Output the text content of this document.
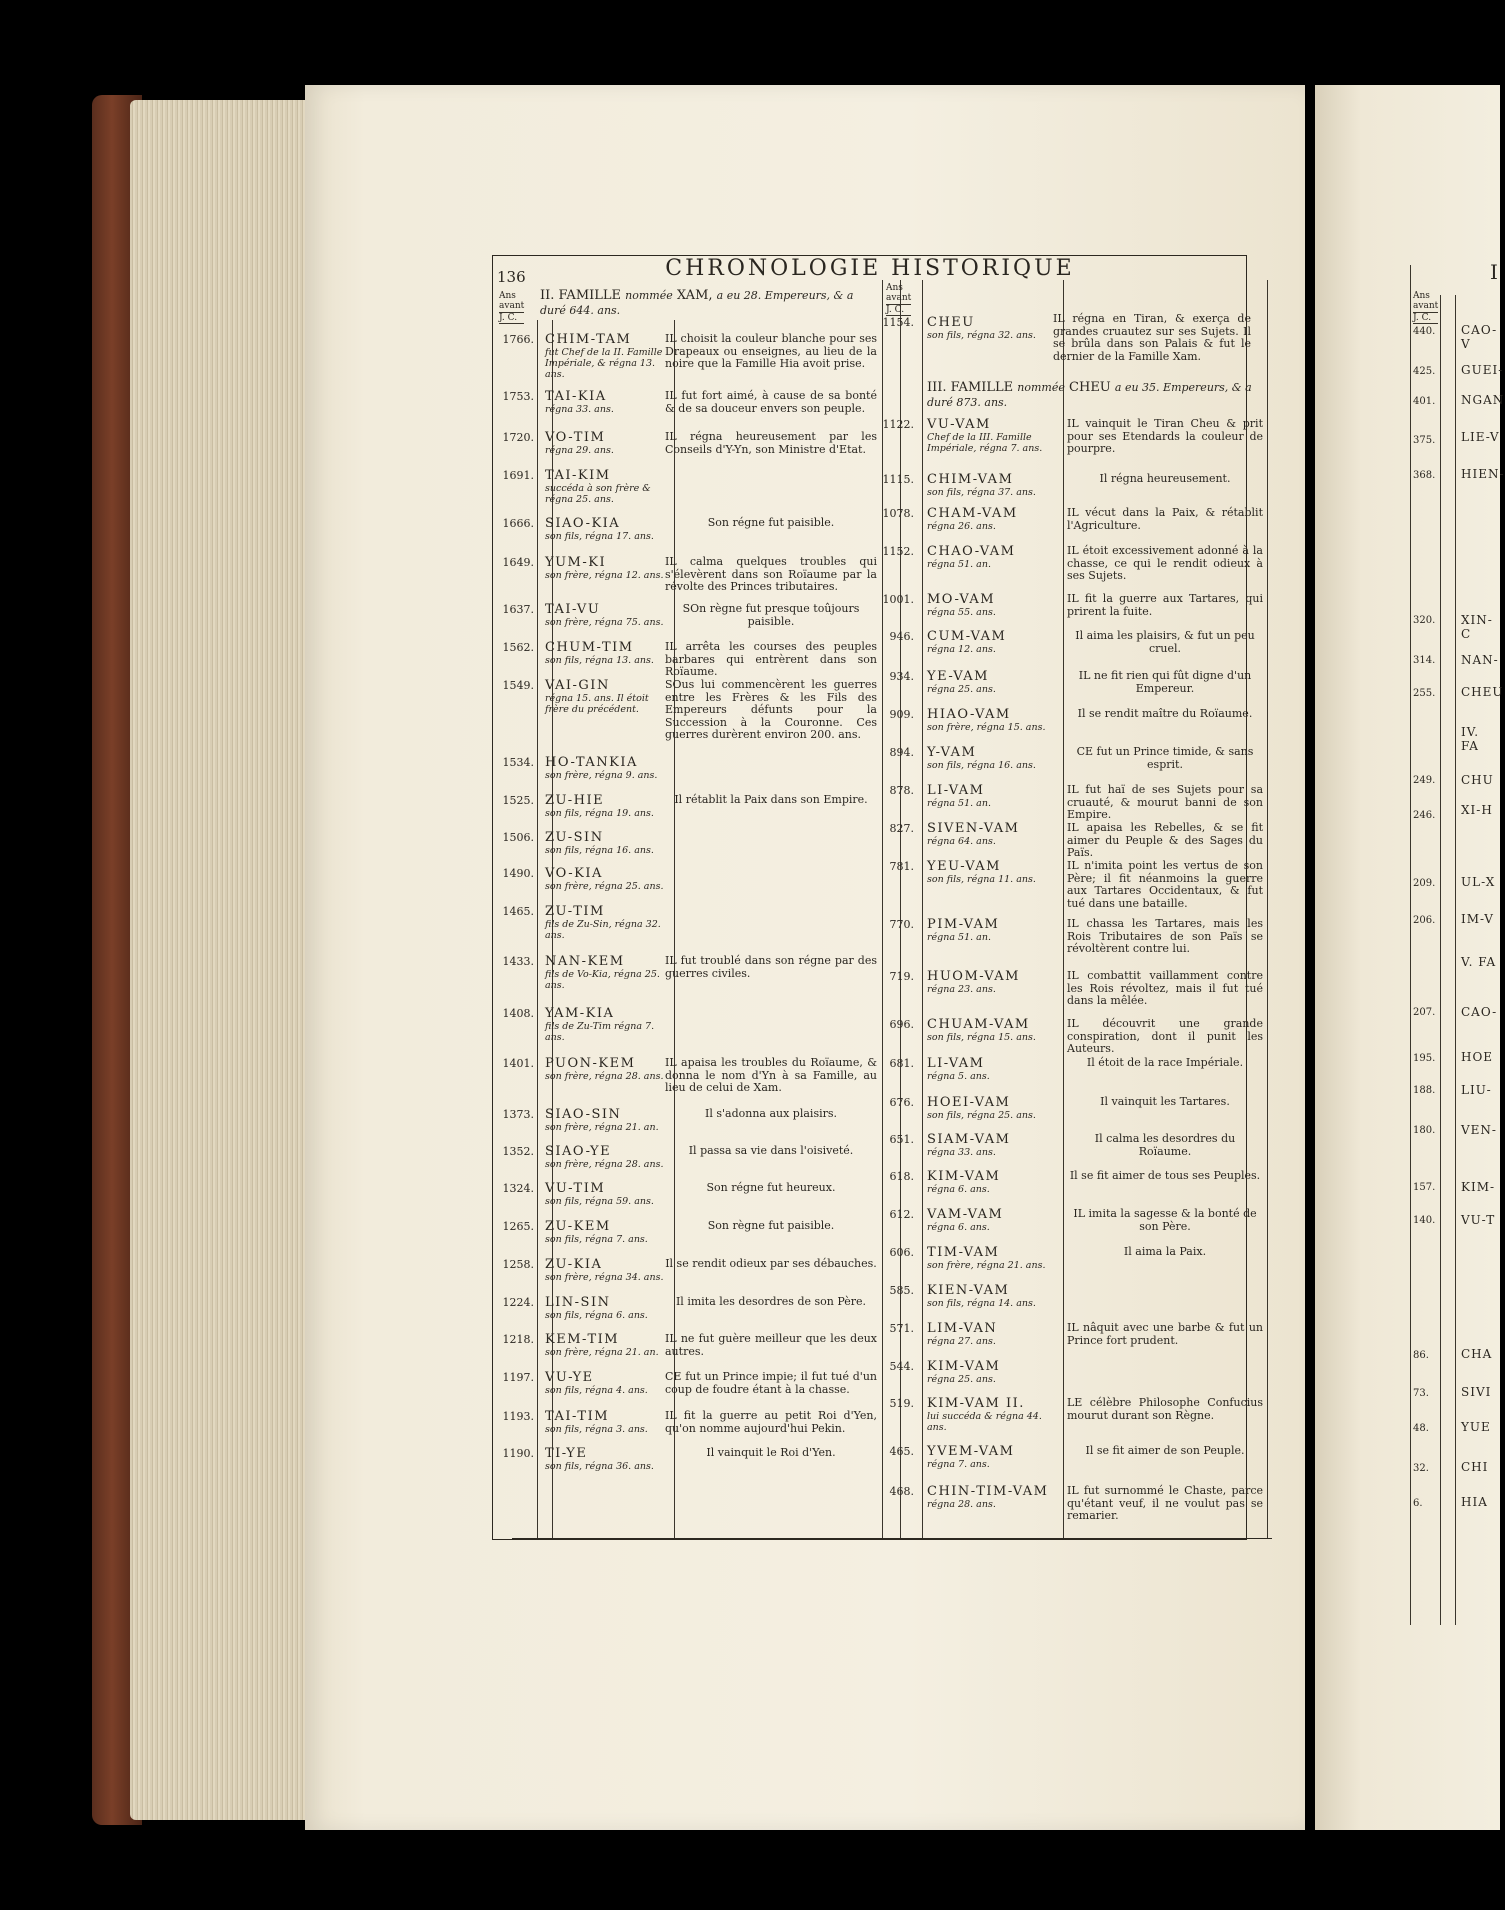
I
Ans
avant
J. C.
440.
425.
401.
375.
368.
320.
314.
255.
249.
246.
209.
206.
207.
195.
188.
180.
157.
140.
86.
73.
48.
32.
6.
CAO-V
GUEI-
NGAN
LIE-V
HIEN-
XIN-C
NAN-
CHEU
IV. FA
CHU
XI-H
UL-X
IM-V
V. FA
CAO-
HOE
LIU-
VEN-
KIM-
VU-T
CHA
SIVI
YUE
CHI
HIA
136	CHRONOLOGIE HISTORIQUE
Ans
avant
J. C.
Ans
avant
J. C.
II. FAMILLE nommée XAM, a eu 28. Empereurs, & a duré 644. ans.
1766. CHIM-TAM
fut Chef de la II. Famille Impériale, & régna 13. ans.
IL choisit la couleur blanche pour ses Drapeaux ou enseignes, au lieu de la noire que la Famille Hia avoit prise.
1753. TAI-KIA
régna 33. ans.
IL fut fort aimé, à cause de sa bonté & de sa douceur envers son peuple.
1720. VO-TIM
régna 29. ans.
IL régna heureusement par les Conseils d'Y-Yn, son Ministre d'Etat.
1691. TAI-KIM
succéda à son frère & régna 25. ans.
1666. SIAO-KIA
son fils, régna 17. ans.
Son régne fut paisible.
1649. YUM-KI
son frère, régna 12. ans.
IL calma quelques troubles qui s'élevèrent dans son Roïaume par la révolte des Princes tributaires.
1637. TAI-VU
son frère, régna 75. ans.
SOn règne fut presque toûjours paisible.
1562. CHUM-TIM
son fils, régna 13. ans.
IL arrêta les courses des peuples barbares qui entrèrent dans son Roïaume.
1549. VAI-GIN
régna 15. ans. Il étoit frère du précédent.
SOus lui commencèrent les guerres entre les Frères & les Fils des Empereurs défunts pour la Succession à la Couronne. Ces guerres durèrent environ 200. ans.
1534. HO-TANKIA
son frère, régna 9. ans.
1525. ZU-HIE
son fils, régna 19. ans.
Il rétablit la Paix dans son Empire.
1506. ZU-SIN
son fils, régna 16. ans.
1490. VO-KIA
son frère, régna 25. ans.
1465. ZU-TIM
fils de Zu-Sin, régna 32. ans.
1433. NAN-KEM
fils de Vo-Kia, régna 25. ans.
IL fut troublé dans son régne par des guerres civiles.
1408. YAM-KIA
fils de Zu-Tim régna 7. ans.
1401. PUON-KEM
son frère, régna 28. ans.
IL apaisa les troubles du Roïaume, & donna le nom d'Yn à sa Famille, au lieu de celui de Xam.
1373. SIAO-SIN
son frère, régna 21. an.
Il s'adonna aux plaisirs.
1352. SIAO-YE
son frère, régna 28. ans.
Il passa sa vie dans l'oisiveté.
1324. VU-TIM
son fils, régna 59. ans.
Son régne fut heureux.
1265. ZU-KEM
son fils, régna 7. ans.
Son règne fut paisible.
1258. ZU-KIA
son frère, régna 34. ans.
Il se rendit odieux par ses débauches.
1224. LIN-SIN
son fils, régna 6. ans.
Il imita les desordres de son Père.
1218. KEM-TIM
son frère, régna 21. an.
IL ne fut guère meilleur que les deux autres.
1197. VU-YE
son fils, régna 4. ans.
CE fut un Prince impie; il fut tué d'un coup de foudre étant à la chasse.
1193. TAI-TIM
son fils, régna 3. ans.
IL fit la guerre au petit Roi d'Yen, qu'on nomme aujourd'hui Pekin.
1190. TI-YE
son fils, régna 36. ans.
Il vainquit le Roi d'Yen.
1122. VU-VAM
Chef de la III. Famille Impériale, régna 7. ans.
IL vainquit le Tiran Cheu & prit pour ses Etendards la couleur de pourpre.
1115. CHIM-VAM
son fils, régna 37. ans.
Il régna heureusement.
1078. CHAM-VAM
régna 26. ans.
IL vécut dans la Paix, & rétablit l'Agriculture.
1152. CHAO-VAM
régna 51. an.
IL étoit excessivement adonné à la chasse, ce qui le rendit odieux à ses Sujets.
1001. MO-VAM
régna 55. ans.
IL fit la guerre aux Tartares, qui prirent la fuite.
946. CUM-VAM
régna 12. ans.
Il aima les plaisirs, & fut un peu cruel.
934. YE-VAM
régna 25. ans.
IL ne fit rien qui fût digne d'un Empereur.
909. HIAO-VAM
son frère, régna 15. ans.
Il se rendit maître du Roïaume.
894. Y-VAM
son fils, régna 16. ans.
CE fut un Prince timide, & sans esprit.
878. LI-VAM
régna 51. an.
IL fut haï de ses Sujets pour sa cruauté, & mourut banni de son Empire.
827. SIVEN-VAM
régna 64. ans.
IL apaisa les Rebelles, & se fit aimer du Peuple & des Sages du Païs.
781. YEU-VAM
son fils, régna 11. ans.
IL n'imita point les vertus de son Père; il fit néanmoins la guerre aux Tartares Occidentaux, & fut tué dans une bataille.
770. PIM-VAM
régna 51. an.
IL chassa les Tartares, mais les Rois Tributaires de son Païs se révoltèrent contre lui.
719. HUOM-VAM
régna 23. ans.
IL combattit vaillamment contre les Rois révoltez, mais il fut tué dans la mêlée.
696. CHUAM-VAM
son fils, régna 15. ans.
IL découvrit une grande conspiration, dont il punit les Auteurs.
681. LI-VAM
régna 5. ans.
Il étoit de la race Impériale.
676. HOEI-VAM
son fils, régna 25. ans.
Il vainquit les Tartares.
651. SIAM-VAM
régna 33. ans.
Il calma les desordres du Roïaume.
618. KIM-VAM
régna 6. ans.
Il se fit aimer de tous ses Peuples.
612. VAM-VAM
régna 6. ans.
IL imita la sagesse & la bonté de son Père.
606. TIM-VAM
son frère, régna 21. ans.
Il aima la Paix.
585. KIEN-VAM
son fils, régna 14. ans.
571. LIM-VAN
régna 27. ans.
IL nâquit avec une barbe & fut un Prince fort prudent.
544. KIM-VAM
régna 25. ans.
519. KIM-VAM II.
lui succéda & régna 44. ans.
LE célèbre Philosophe Confucius mourut durant son Règne.
465. YVEM-VAM
régna 7. ans.
Il se fit aimer de son Peuple.
468. CHIN-TIM-VAM
régna 28. ans.
IL fut surnommé le Chaste, parce qu'étant veuf, il ne voulut pas se remarier.
1154. CHEU
son fils, régna 32. ans.
IL régna en Tiran, & exerça de grandes cruautez sur ses Sujets. Il se brûla dans son Palais & fut le dernier de la Famille Xam.
III. FAMILLE nommée CHEU a eu 35. Empereurs, & a duré 873. ans.
